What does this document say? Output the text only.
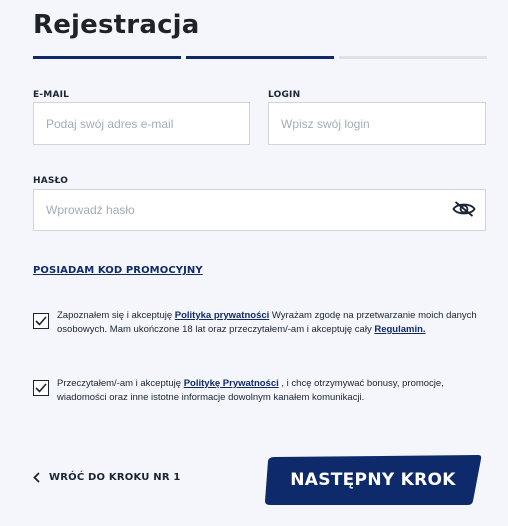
Rejestracja
E-MAIL
Podaj swój adres e-mail	LOGIN
Wpisz swój login
HASŁO
POSIADAM KOD PROMOCYJNY
Zapoznałem się i akceptuję Polityka prywatności Wyrażam zgodę na przetwarzanie moich danych osobowych. Mam ukończone 18 lat oraz przeczytałem/-am i akceptuję cały Regulamin.
Przeczytałem/-am i akceptuję Politykę Prywatności , i chcę otrzymywać bonusy, promocje, wiadomości oraz inne istotne informacje dowolnym kanałem komunikacji.
WRÓĆ DO KROKU NR 1	NASTĘPNY KROK
